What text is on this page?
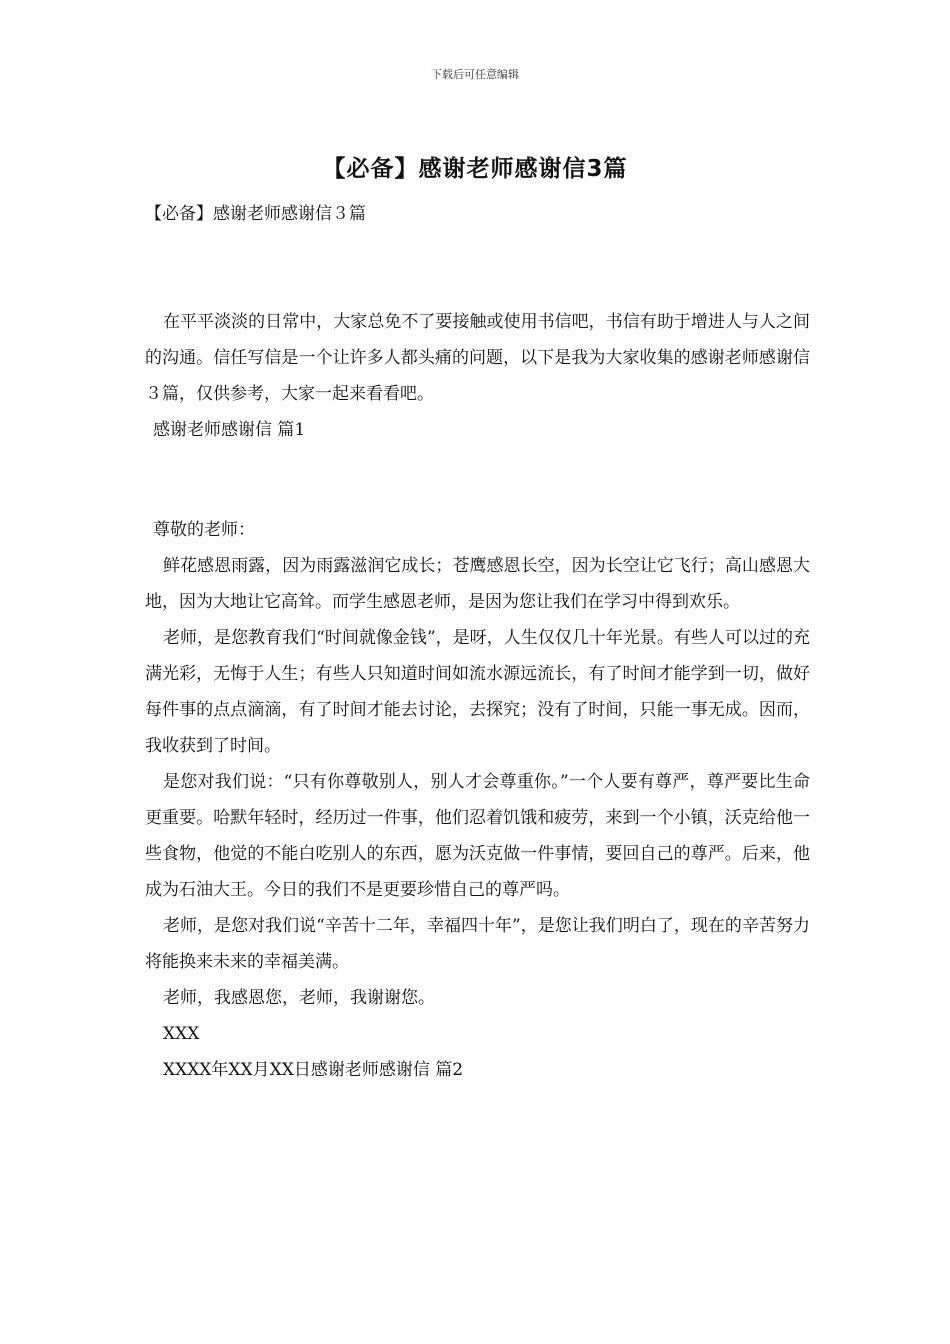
下载后可任意编辑
【必备】感谢老师感谢信3篇

【必备】感谢老师感谢信３篇

在平平淡淡的日常中，大家总免不了要接触或使用书信吧，书信有助于增进人与人之间的沟通。信任写信是一个让许多人都头痛的问题，以下是我为大家收集的感谢老师感谢信３篇，仅供参考，大家一起来看看吧。

感谢老师感谢信 篇1

尊敬的老师：

鲜花感恩雨露，因为雨露滋润它成长；苍鹰感恩长空，因为长空让它飞行；高山感恩大地，因为大地让它高耸。而学生感恩老师，是因为您让我们在学习中得到欢乐。

老师，是您教育我们“时间就像金钱”，是呀，人生仅仅几十年光景。有些人可以过的充满光彩，无悔于人生；有些人只知道时间如流水源远流长，有了时间才能学到一切，做好每件事的点点滴滴，有了时间才能去讨论，去探究；没有了时间，只能一事无成。因而，我收获到了时间。

是您对我们说：“只有你尊敬别人，别人才会尊重你。”一个人要有尊严，尊严要比生命更重要。哈默年轻时，经历过一件事，他们忍着饥饿和疲劳，来到一个小镇，沃克给他一些食物，他觉的不能白吃别人的东西，愿为沃克做一件事情，要回自己的尊严。后来，他成为石油大王。今日的我们不是更要珍惜自己的尊严吗。

老师，是您对我们说“辛苦十二年，幸福四十年”，是您让我们明白了，现在的辛苦努力将能换来未来的幸福美满。

老师，我感恩您，老师，我谢谢您。

XXX

XXXX年XX月XX日感谢老师感谢信 篇2
